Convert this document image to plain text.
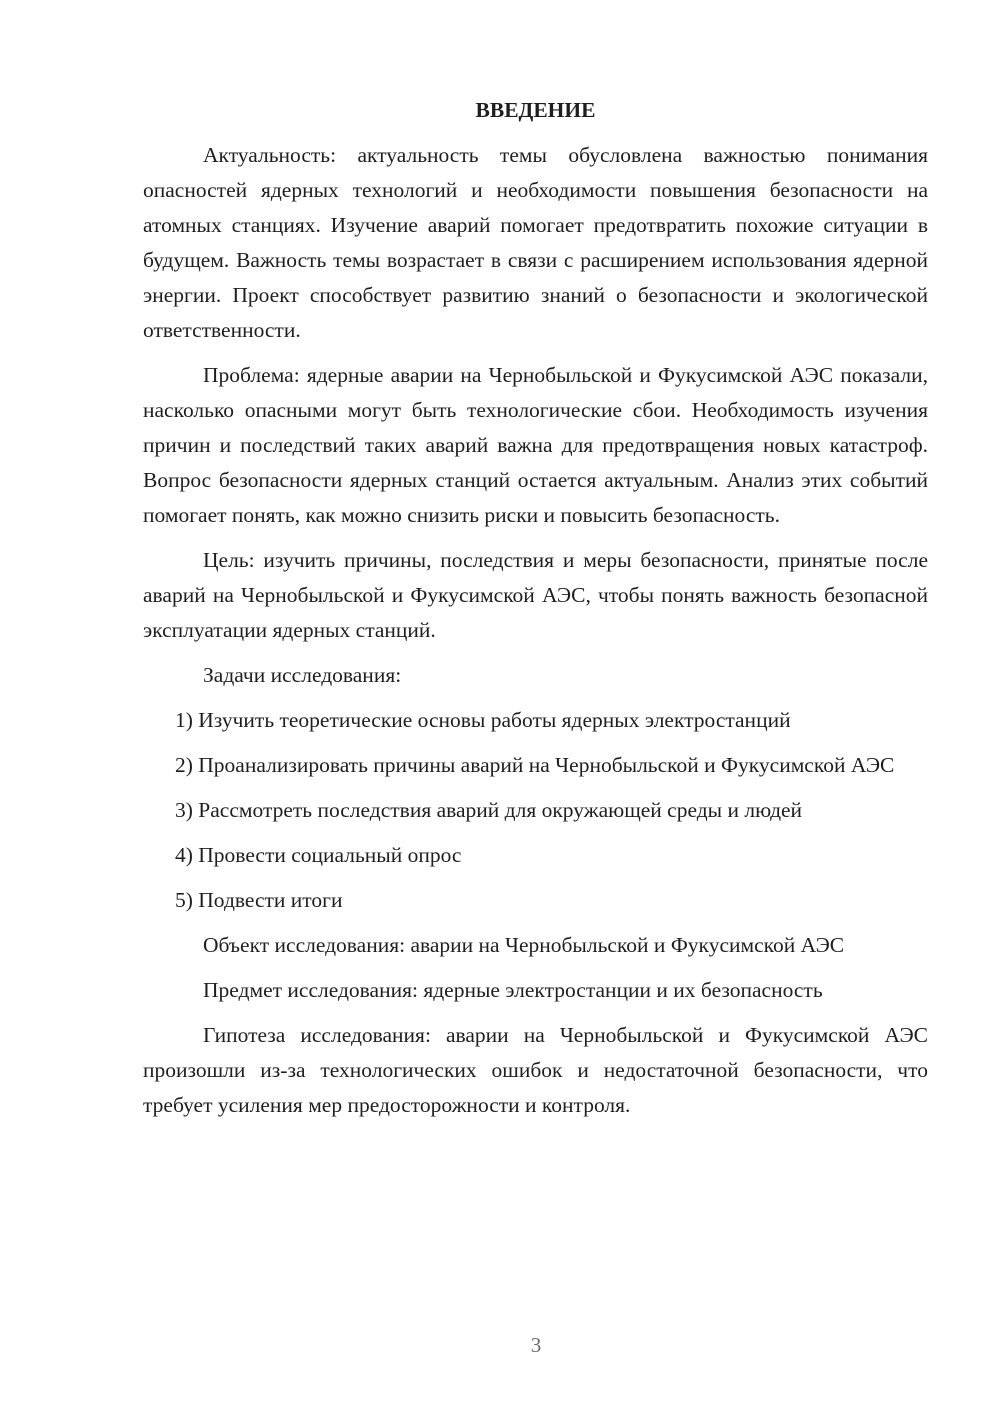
ВВЕДЕНИЕ

Актуальность: актуальность темы обусловлена важностью понимания опасностей ядерных технологий и необходимости повышения безопасности на атомных станциях. Изучение аварий помогает предотвратить похожие ситуации в будущем. Важность темы возрастает в связи с расширением использования ядерной энергии. Проект способствует развитию знаний о безопасности и экологической ответственности.

Проблема: ядерные аварии на Чернобыльской и Фукусимской АЭС показали, насколько опасными могут быть технологические сбои. Необходимость изучения причин и последствий таких аварий важна для предотвращения новых катастроф. Вопрос безопасности ядерных станций остается актуальным. Анализ этих событий помогает понять, как можно снизить риски и повысить безопасность.

Цель: изучить причины, последствия и меры безопасности, принятые после аварий на Чернобыльской и Фукусимской АЭС, чтобы понять важность безопасной эксплуатации ядерных станций.

Задачи исследования:

1) Изучить теоретические основы работы ядерных электростанций

2) Проанализировать причины аварий на Чернобыльской и Фукусимской АЭС

3) Рассмотреть последствия аварий для окружающей среды и людей

4) Провести социальный опрос

5) Подвести итоги

Объект исследования: аварии на Чернобыльской и Фукусимской АЭС

Предмет исследования: ядерные электростанции и их безопасность

Гипотеза исследования: аварии на Чернобыльской и Фукусимской АЭС произошли из-за технологических ошибок и недостаточной безопасности, что требует усиления мер предосторожности и контроля.

3
